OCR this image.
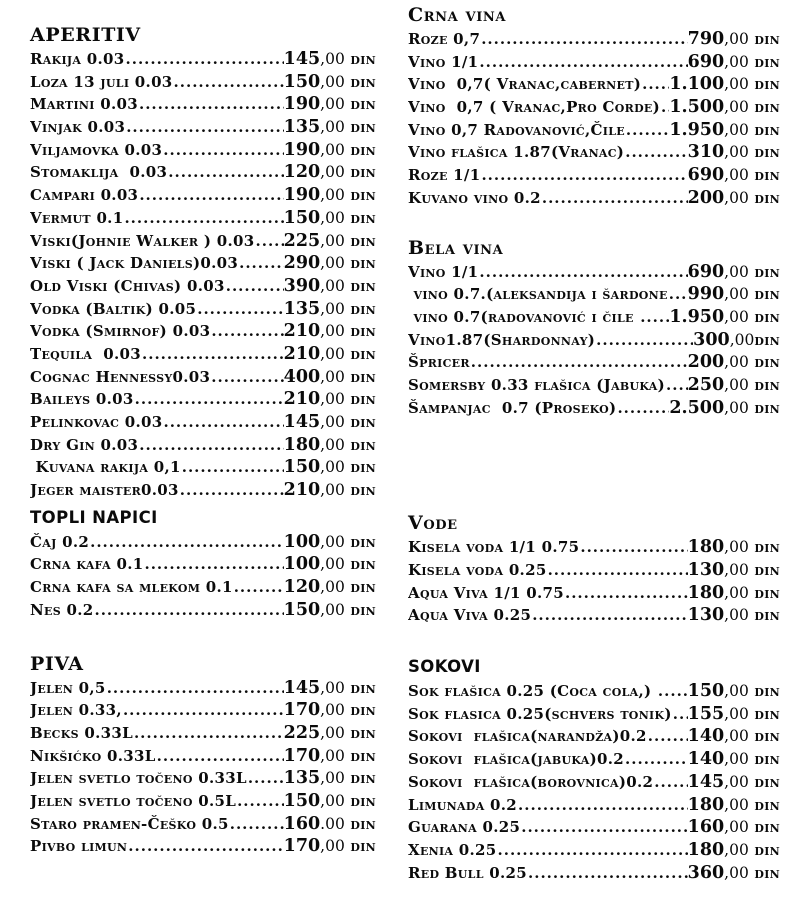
APERITIV
Rakija 0.03 .....	145,00 din
Loza 13 juli 0.03 .....	150,00 din
Martini 0.03 .....	190,00 din
Vinjak 0.03 .....	135,00 din
Viljamovka 0.03 .....	190,00 din
Stomaklija  0.03 .....	120,00 din
Campari 0.03 .....	190,00 din
Vermut 0.1 .....	150,00 din
Viski(Johnie Walker ) 0.03 ..... 225,00 din
Viski ( Jack Daniels)0.03 .....	290,00 din
Old Viski (Chivas) 0.03 .....	390,00 din
Vodka (Baltik) 0.05 .....	135,00 din
Vodka (Smirnof) 0.03 .....	210,00 din
Tequila  0.03 .....	210,00 din
Cognac Hennessy0.03 .....	400,00 din
Baileys 0.03 .....	210,00 din
Pelinkovac 0.03 .....	145,00 din
Dry Gin 0.03 .....	180,00 din
Kuvana rakija 0,1 .....	150,00 din
Jeger maister0.03 .....	210,00 din
TOPLI NAPICI
Čaj 0.2 .....	100,00 din
Crna kafa 0.1 .....	100,00 din
Crna kafa sa mlekom 0.1 .....	120,00 din
Nes 0.2 .....	150,00 din
PIVA
Jelen 0,5 .....	145,00 din
Jelen 0.33, .....	170,00 din
Becks 0.33L .....	225,00 din
Nikšićko 0.33L .....	170,00 din
Jelen svetlo točeno 0.33L ..... 135,00 din
Jelen svetlo točeno 0.5L .....	150,00 din
Staro pramen-Češko 0.5 .....	160.00 din
Pivbo limun .....	170,00 din
Crna vina
Roze 0,7 .....	790,00 din
Vino 1/1 .....	690,00 din
Vino  0,7( Vranac,cabernet) ..... 1.100,00 din
Vino  0,7 ( Vranac,Pro Corde) ..... 1.500,00 din
Vino 0,7 Radovanović,Čile .....	1.950,00 din
Vino flašica 1.87(Vranac) .....	310,00 din
Roze 1/1 .....	690,00 din
Kuvano vino 0.2 .....	200,00 din
Bela vina
Vino 1/1 .....	690,00 din
vino 0.7.(aleksandija i šardone ..... 990,00 din
vino 0.7(radovanović i čile ..... 1.950,00 din
Vino1.87(Shardonnay) .....	300,00din
Špricer .....	200,00 din
Somersby 0.33 flašica (Jabuka) ..... 250,00 din
Šampanjac  0.7 (Proseko) .....	2.500,00 din
Vode
Kisela voda 1/1 0.75 .....	180,00 din
Kisela voda 0.25 .....	130,00 din
Aqua Viva 1/1 0.75 .....	180,00 din
Aqua Viva 0.25 .....	130,00 din
SOKOVI
Sok flašica 0.25 (Coca cola,) ..... 150,00 din
Sok flasica 0.25(schvers tonik) ..... 155,00 din
Sokovi  flašica(narandža)0.2 ..... 140,00 din
Sokovi  flašica(jabuka)0.2 .....	140,00 din
Sokovi  flašica(borovnica)0.2 ..... 145,00 din
Limunada 0.2 .....	180,00 din
Guarana 0.25 .....	160,00 din
Xenia 0.25 .....	180,00 din
Red Bull 0.25 .....	360,00 din
